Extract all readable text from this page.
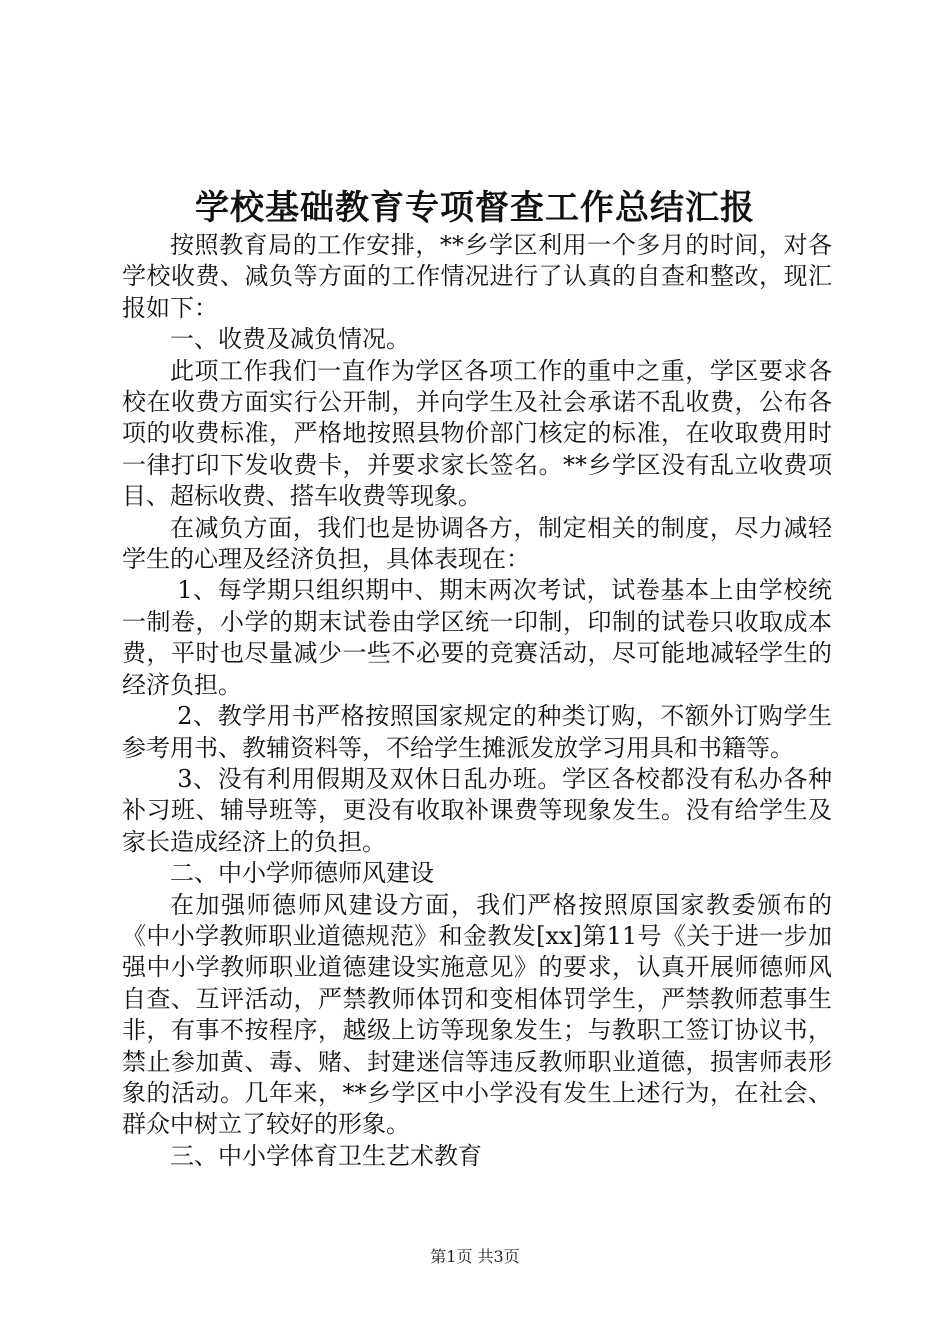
学校基础教育专项督查工作总结汇报

按照教育局的工作安排，**乡学区利用一个多月的时间，对各学校收费、减负等方面的工作情况进行了认真的自查和整改，现汇报如下：

一、收费及减负情况。

此项工作我们一直作为学区各项工作的重中之重，学区要求各校在收费方面实行公开制，并向学生及社会承诺不乱收费，公布各项的收费标准，严格地按照县物价部门核定的标准，在收取费用时一律打印下发收费卡，并要求家长签名。**乡学区没有乱立收费项目、超标收费、搭车收费等现象。

在减负方面，我们也是协调各方，制定相关的制度，尽力减轻学生的心理及经济负担，具体表现在：

1、每学期只组织期中、期末两次考试，试卷基本上由学校统一制卷，小学的期末试卷由学区统一印制，印制的试卷只收取成本费，平时也尽量减少一些不必要的竞赛活动，尽可能地减轻学生的经济负担。

2、教学用书严格按照国家规定的种类订购，不额外订购学生参考用书、教辅资料等，不给学生摊派发放学习用具和书籍等。

3、没有利用假期及双休日乱办班。学区各校都没有私办各种补习班、辅导班等，更没有收取补课费等现象发生。没有给学生及家长造成经济上的负担。

二、中小学师德师风建设

在加强师德师风建设方面，我们严格按照原国家教委颁布的《中小学教师职业道德规范》和金教发[xx]第11号《关于进一步加强中小学教师职业道德建设实施意见》的要求，认真开展师德师风自查、互评活动，严禁教师体罚和变相体罚学生，严禁教师惹事生非，有事不按程序，越级上访等现象发生；与教职工签订协议书，禁止参加黄、毒、赌、封建迷信等违反教师职业道德，损害师表形象的活动。几年来，**乡学区中小学没有发生上述行为，在社会、群众中树立了较好的形象。

三、中小学体育卫生艺术教育

第1页 共3页
